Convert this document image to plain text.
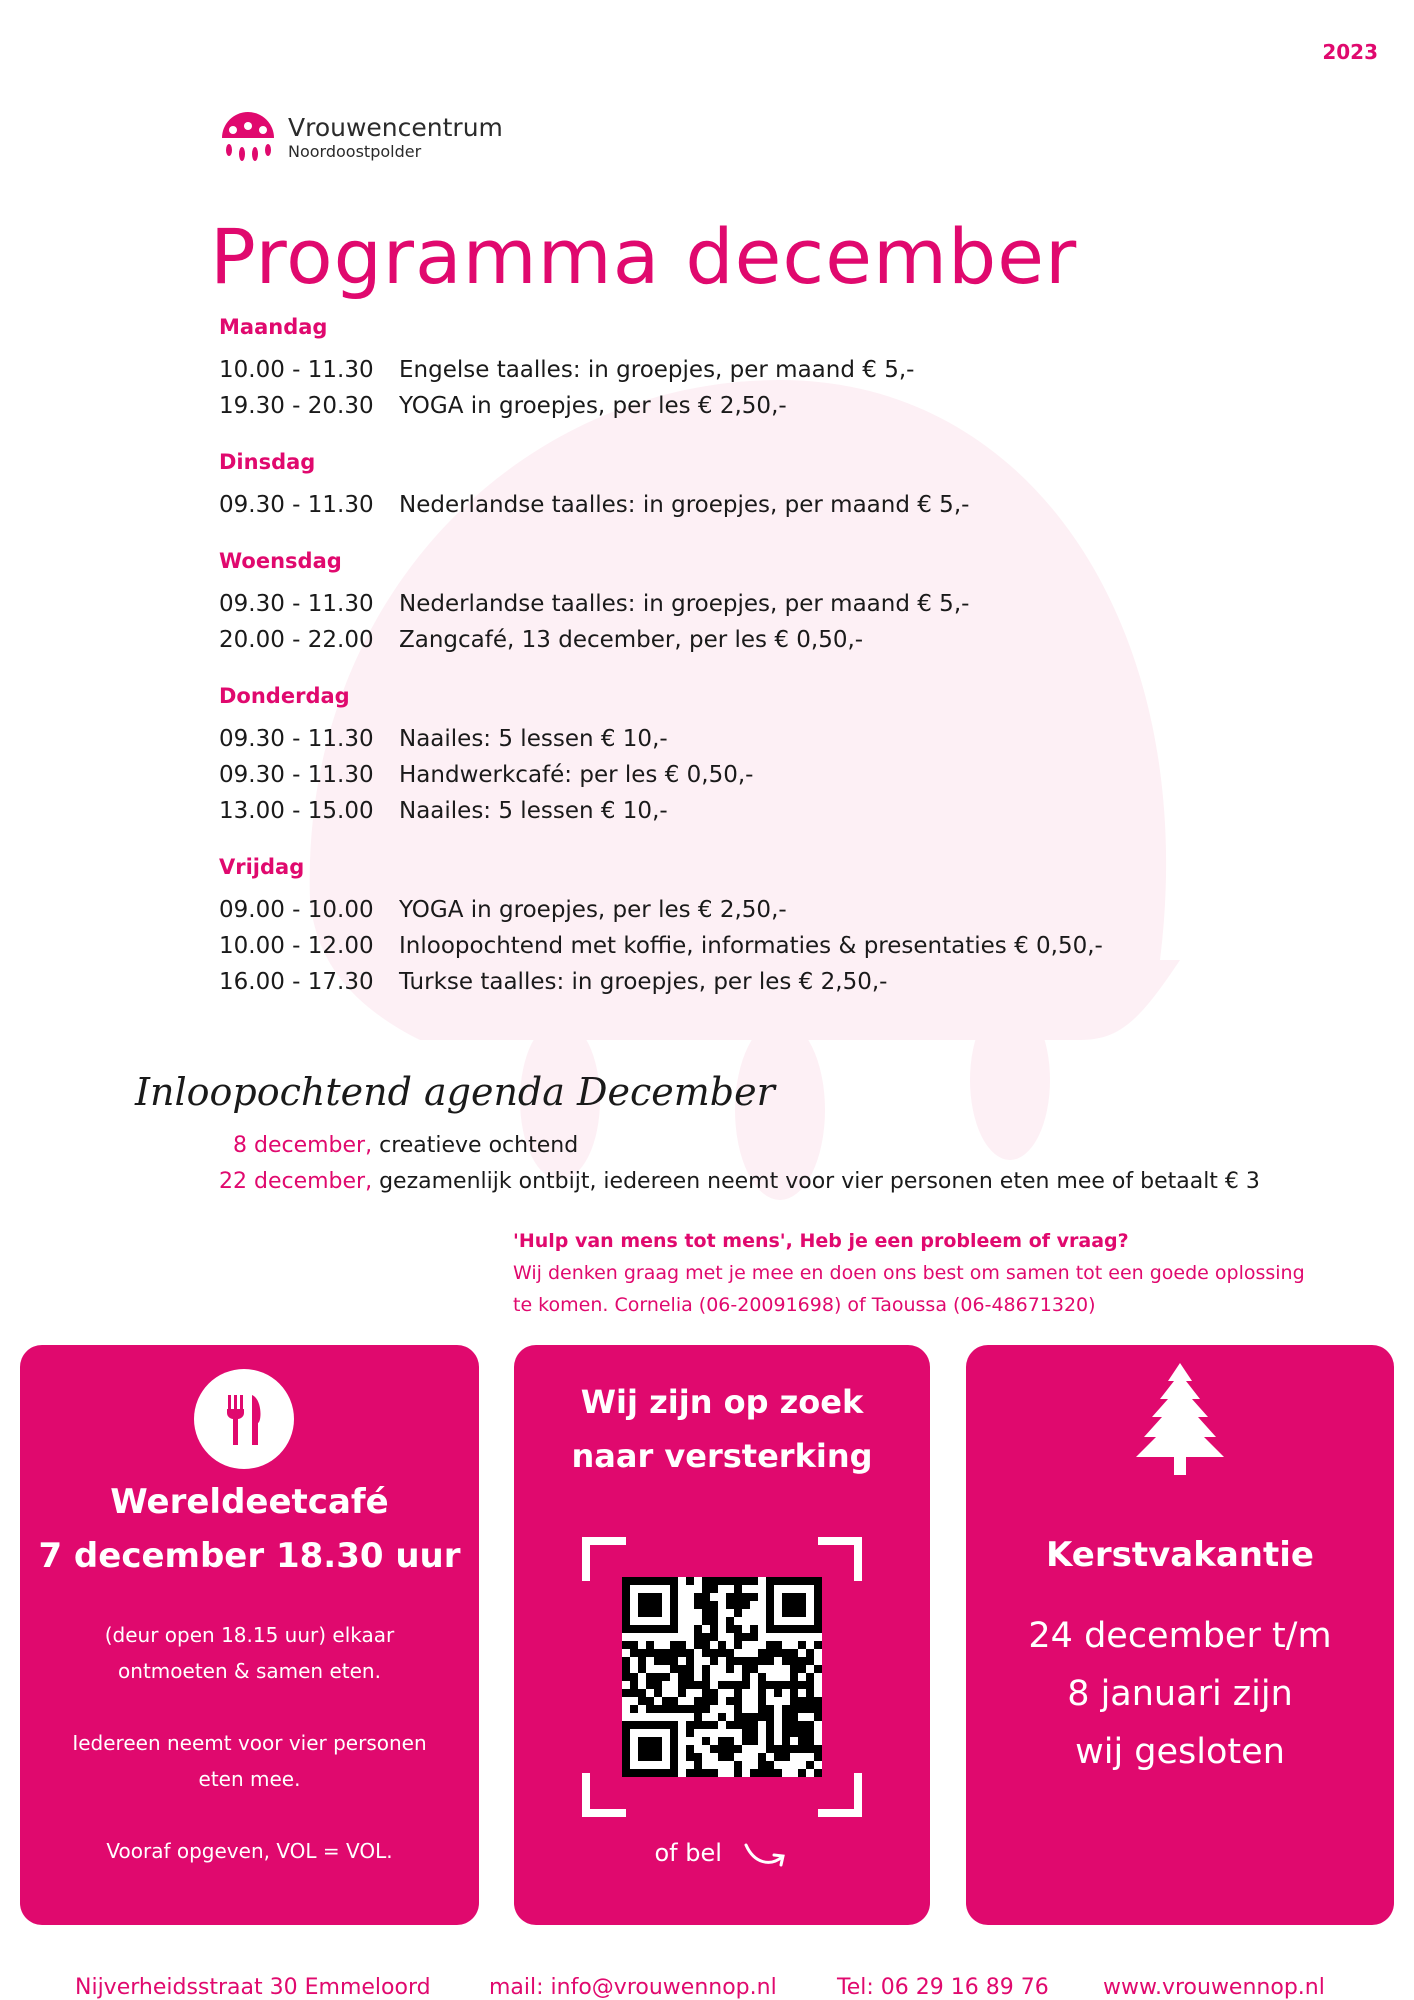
2023
Vrouwencentrum
Noordoostpolder
Programma december
Maandag
10.00 - 11.30 Engelse taalles: in groepjes, per maand € 5,-
19.30 - 20.30 YOGA in groepjes, per les € 2,50,-
Dinsdag
09.30 - 11.30 Nederlandse taalles: in groepjes, per maand € 5,-
Woensdag
09.30 - 11.30 Nederlandse taalles: in groepjes, per maand € 5,-
20.00 - 22.00 Zangcafé, 13 december, per les € 0,50,-
Donderdag
09.30 - 11.30 Naailes: 5 lessen € 10,-
09.30 - 11.30 Handwerkcafé: per les € 0,50,-
13.00 - 15.00 Naailes: 5 lessen € 10,-
Vrijdag
09.00 - 10.00 YOGA in groepjes, per les € 2,50,-
10.00 - 12.00 Inloopochtend met koffie, informaties & presentaties € 0,50,-
16.00 - 17.30 Turkse taalles: in groepjes, per les € 2,50,-
Inloopochtend agenda December
8 december, creatieve ochtend
22 december, gezamenlijk ontbijt, iedereen neemt voor vier personen eten mee of betaalt € 3
'Hulp van mens tot mens', Heb je een probleem of vraag?
Wij denken graag met je mee en doen ons best om samen tot een goede oplossing
te komen. Cornelia (06-20091698) of Taoussa (06-48671320)
Wereldeetcafé
7 december 18.30 uur

(deur open 18.15 uur) elkaar
ontmoeten & samen eten.

Iedereen neemt voor vier personen
eten mee.

Vooraf opgeven, VOL = VOL.

Wij zijn op zoek
naar versterking
of bel
Kerstvakantie
24 december t/m
8 januari zijn
wij gesloten
Nijverheidsstraat 30 Emmeloord	mail: info@vrouwennop.nl	Tel: 06 29 16 89 76 www.vrouwennop.nl
